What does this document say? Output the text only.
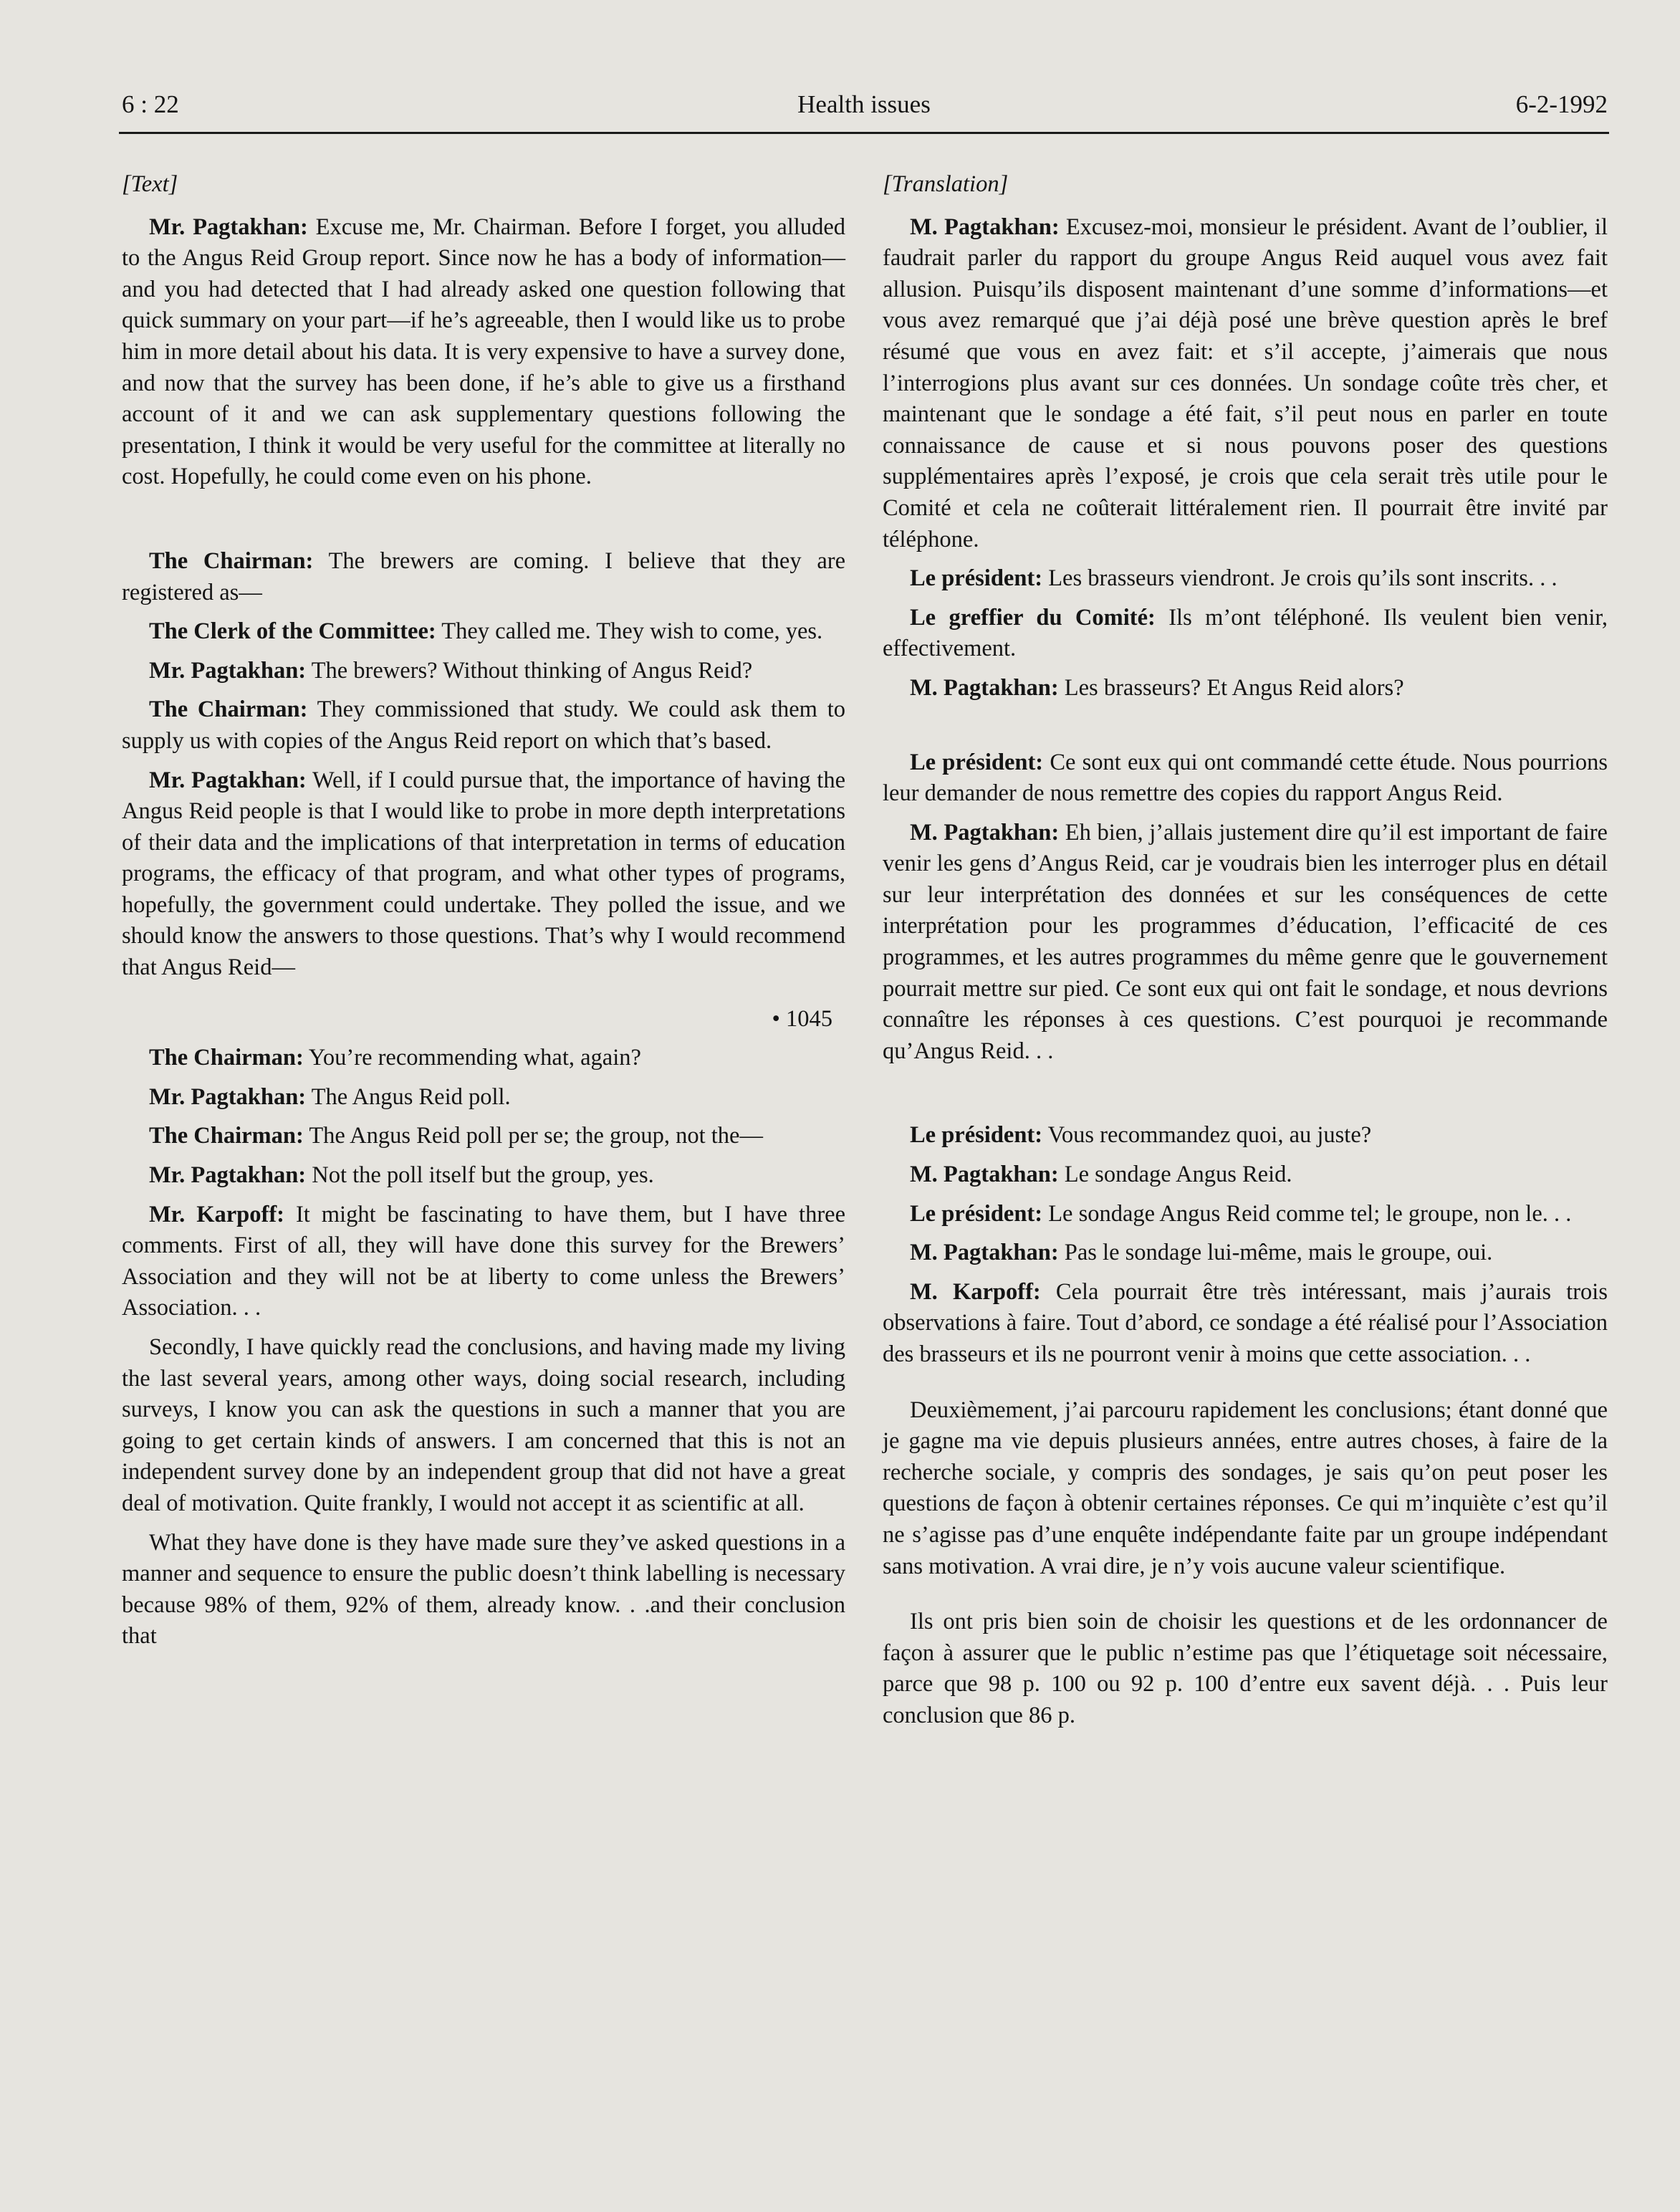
6 : 22	Health issues	6-2-1992

[Text]

Mr. Pagtakhan: Excuse me, Mr. Chairman. Before I forget, you alluded to the Angus Reid Group report. Since now he has a body of information—and you had detected that I had already asked one question following that quick summary on your part—if he’s agreeable, then I would like us to probe him in more detail about his data. It is very expensive to have a survey done, and now that the survey has been done, if he’s able to give us a firsthand account of it and we can ask supplementary questions following the presentation, I think it would be very useful for the committee at literally no cost. Hopefully, he could come even on his phone.

The Chairman: The brewers are coming. I believe that they are registered as—

The Clerk of the Committee: They called me. They wish to come, yes.

Mr. Pagtakhan: The brewers? Without thinking of Angus Reid?

The Chairman: They commissioned that study. We could ask them to supply us with copies of the Angus Reid report on which that’s based.

Mr. Pagtakhan: Well, if I could pursue that, the importance of having the Angus Reid people is that I would like to probe in more depth interpretations of their data and the implications of that interpretation in terms of education programs, the efficacy of that program, and what other types of programs, hopefully, the government could undertake. They polled the issue, and we should know the answers to those questions. That’s why I would recommend that Angus Reid—

• 1045

The Chairman: You’re recommending what, again?

Mr. Pagtakhan: The Angus Reid poll.

The Chairman: The Angus Reid poll per se; the group, not the—

Mr. Pagtakhan: Not the poll itself but the group, yes.

Mr. Karpoff: It might be fascinating to have them, but I have three comments. First of all, they will have done this survey for the Brewers’ Association and they will not be at liberty to come unless the Brewers’ Association. . .

Secondly, I have quickly read the conclusions, and having made my living the last several years, among other ways, doing social research, including surveys, I know you can ask the questions in such a manner that you are going to get certain kinds of answers. I am concerned that this is not an independent survey done by an independent group that did not have a great deal of motivation. Quite frankly, I would not accept it as scientific at all.

What they have done is they have made sure they’ve asked questions in a manner and sequence to ensure the public doesn’t think labelling is necessary because 98% of them, 92% of them, already know. . .and their conclusion that

[Translation]

M. Pagtakhan: Excusez-moi, monsieur le président. Avant de l’oublier, il faudrait parler du rapport du groupe Angus Reid auquel vous avez fait allusion. Puisqu’ils disposent maintenant d’une somme d’informations—et vous avez remarqué que j’ai déjà posé une brève question après le bref résumé que vous en avez fait: et s’il accepte, j’aimerais que nous l’interrogions plus avant sur ces données. Un sondage coûte très cher, et maintenant que le sondage a été fait, s’il peut nous en parler en toute connaissance de cause et si nous pouvons poser des questions supplémentaires après l’exposé, je crois que cela serait très utile pour le Comité et cela ne coûterait littéralement rien. Il pourrait être invité par téléphone.

Le président: Les brasseurs viendront. Je crois qu’ils sont inscrits. . .

Le greffier du Comité: Ils m’ont téléphoné. Ils veulent bien venir, effectivement.

M. Pagtakhan: Les brasseurs? Et Angus Reid alors?

Le président: Ce sont eux qui ont commandé cette étude. Nous pourrions leur demander de nous remettre des copies du rapport Angus Reid.

M. Pagtakhan: Eh bien, j’allais justement dire qu’il est important de faire venir les gens d’Angus Reid, car je voudrais bien les interroger plus en détail sur leur interprétation des données et sur les conséquences de cette interprétation pour les programmes d’éducation, l’efficacité de ces programmes, et les autres programmes du même genre que le gouvernement pourrait mettre sur pied. Ce sont eux qui ont fait le sondage, et nous devrions connaître les réponses à ces questions. C’est pourquoi je recommande qu’Angus Reid. . .

Le président: Vous recommandez quoi, au juste?

M. Pagtakhan: Le sondage Angus Reid.

Le président: Le sondage Angus Reid comme tel; le groupe, non le. . .

M. Pagtakhan: Pas le sondage lui-même, mais le groupe, oui.

M. Karpoff: Cela pourrait être très intéressant, mais j’aurais trois observations à faire. Tout d’abord, ce sondage a été réalisé pour l’Association des brasseurs et ils ne pourront venir à moins que cette association. . .

Deuxièmement, j’ai parcouru rapidement les conclusions; étant donné que je gagne ma vie depuis plusieurs années, entre autres choses, à faire de la recherche sociale, y compris des sondages, je sais qu’on peut poser les questions de façon à obtenir certaines réponses. Ce qui m’inquiète c’est qu’il ne s’agisse pas d’une enquête indépendante faite par un groupe indépendant sans motivation. A vrai dire, je n’y vois aucune valeur scientifique.

Ils ont pris bien soin de choisir les questions et de les ordonnancer de façon à assurer que le public n’estime pas que l’étiquetage soit nécessaire, parce que 98 p. 100 ou 92 p. 100 d’entre eux savent déjà. . . Puis leur conclusion que 86 p.
